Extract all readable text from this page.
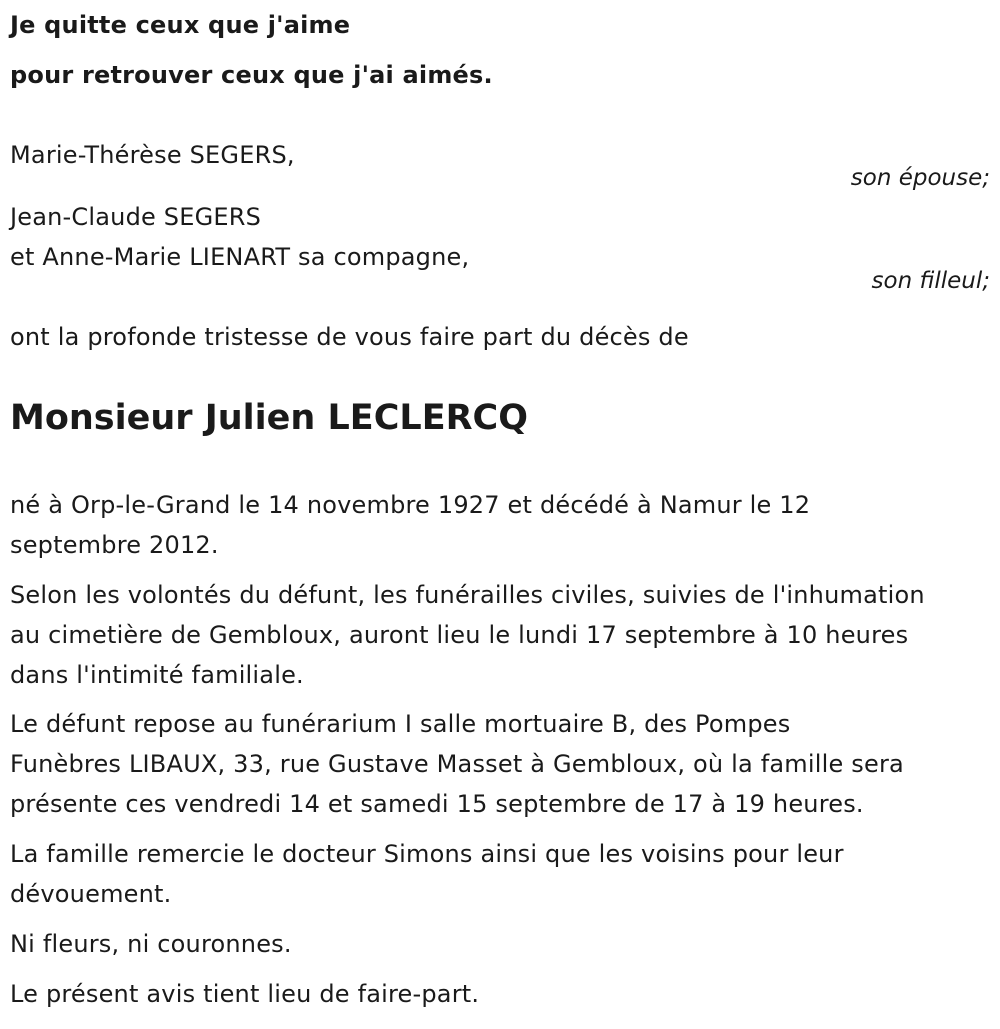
Je quitte ceux que j'aime
pour retrouver ceux que j'ai aimés.
Marie-Thérèse SEGERS,
son épouse;
Jean-Claude SEGERS
et Anne-Marie LIENART sa compagne,
son filleul;
ont la profonde tristesse de vous faire part du décès de
Monsieur Julien LECLERCQ
né à Orp-le-Grand le 14 novembre 1927 et décédé à Namur le 12
septembre 2012.
Selon les volontés du défunt, les funérailles civiles, suivies de l'inhumation
au cimetière de Gembloux, auront lieu le lundi 17 septembre à 10 heures
dans l'intimité familiale.
Le défunt repose au funérarium I salle mortuaire B, des Pompes
Funèbres LIBAUX, 33, rue Gustave Masset à Gembloux, où la famille sera
présente ces vendredi 14 et samedi 15 septembre de 17 à 19 heures.
La famille remercie le docteur Simons ainsi que les voisins pour leur
dévouement.
Ni fleurs, ni couronnes.
Le présent avis tient lieu de faire-part.
